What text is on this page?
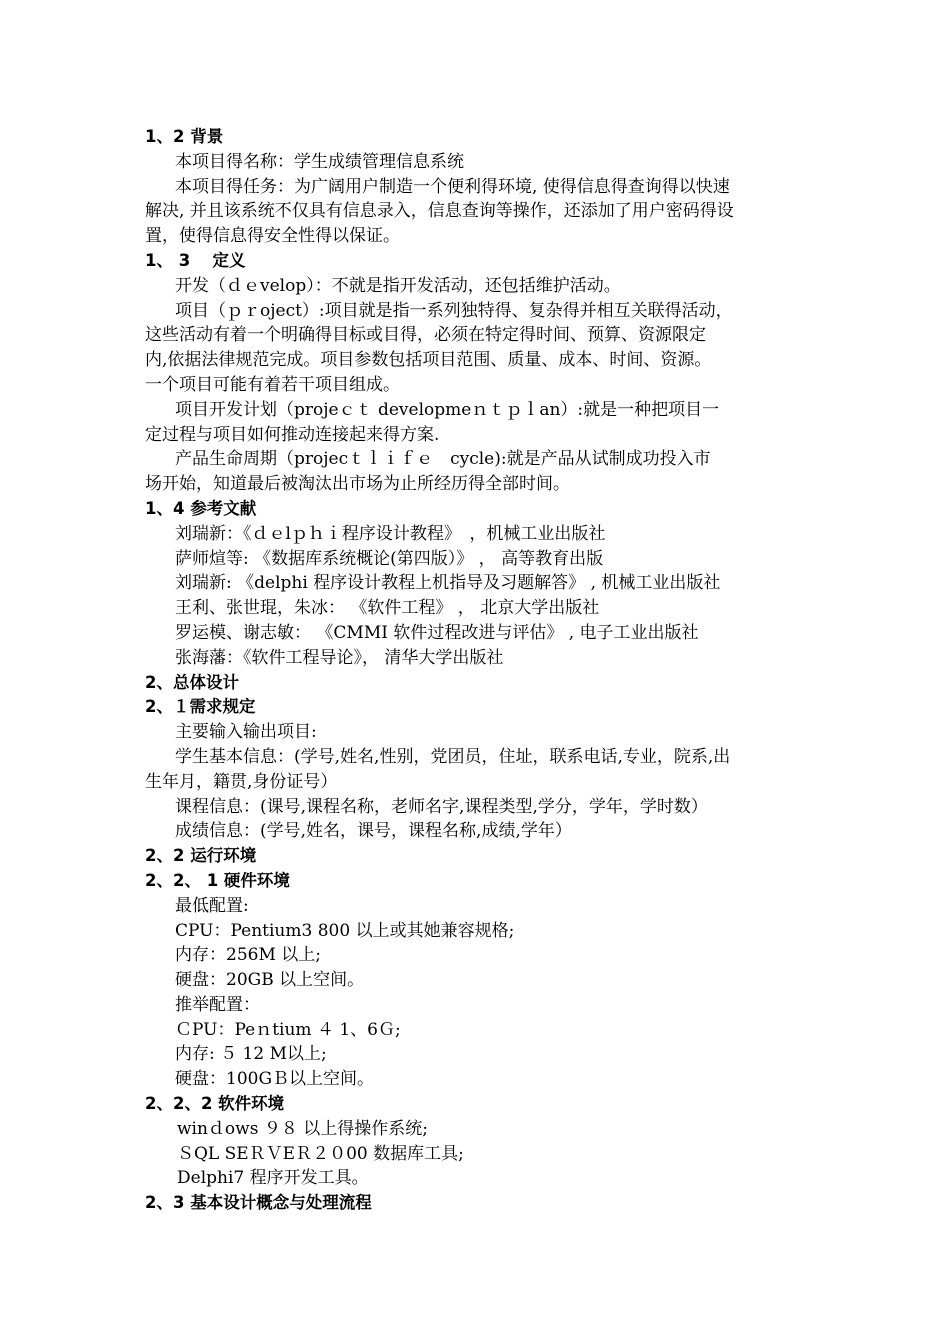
1、2 背景
本项目得名称：学生成绩管理信息系统
本项目得任务：为广阔用户制造一个便利得环境, 使得信息得查询得以快速
解决, 并且该系统不仅具有信息录入，信息查询等操作，还添加了用户密码得设
置，使得信息得安全性得以保证。
1、 3 　定义
开发（ｄｅvelop）：不就是指开发活动，还包括维护活动。
项目（ｐｒoject）:项目就是指一系列独特得、复杂得并相互关联得活动，
这些活动有着一个明确得目标或目得，必须在特定得时间、预算、资源限定
内,依据法律规范完成。项目参数包括项目范围、质量、成本、时间、资源。
一个项目可能有着若干项目组成。
项目开发计划（projeｃｔ developmeｎｔｐｌan）:就是一种把项目一
定过程与项目如何推动连接起来得方案.
产品生命周期（projecｔｌｉｆｅ　cycle):就是产品从试制成功投入市
场开始，知道最后被淘汰出市场为止所经历得全部时间。
1、4 参考文献
刘瑞新：《ｄｅlｐｈｉ程序设计教程》　，机械工业出版社
萨师煊等: 《数据库系统概论(第四版）》 ， 高等教育出版
刘瑞新: 《delphi 程序设计教程上机指导及习题解答》 , 机械工业出版社
王利、张世琨，朱冰： 《软件工程》 ， 北京大学出版社
罗运模、谢志敏： 《CMMI 软件过程改进与评估》 , 电子工业出版社
张海藩：《软件工程导论》， 清华大学出版社
2、总体设计
2、１需求规定
主要输入输出项目:
学生基本信息：(学号,姓名,性别，党团员，住址，联系电话,专业，院系,出
生年月，籍贯,身份证号）
课程信息：(课号,课程名称，老师名字,课程类型,学分，学年，学时数）
成绩信息：(学号,姓名，课号，课程名称,成绩,学年）
2、2 运行环境
2、2、 1 硬件环境
最低配置:
CPU：Pentium3 800 以上或其她兼容规格;
内存：256M 以上;
硬盘：20GB 以上空间。
推举配置：
ＣPU：Peｎtium ４ 1、6Ｇ;
内存: ５ 12 M以上;
硬盘：100GＢ以上空间。
2、2、2 软件环境
winｄows ９８ 以上得操作系统;
ＳQL SEＲＶEＲ２０00 数据库工具;
Delphi7 程序开发工具。
2、3 基本设计概念与处理流程
